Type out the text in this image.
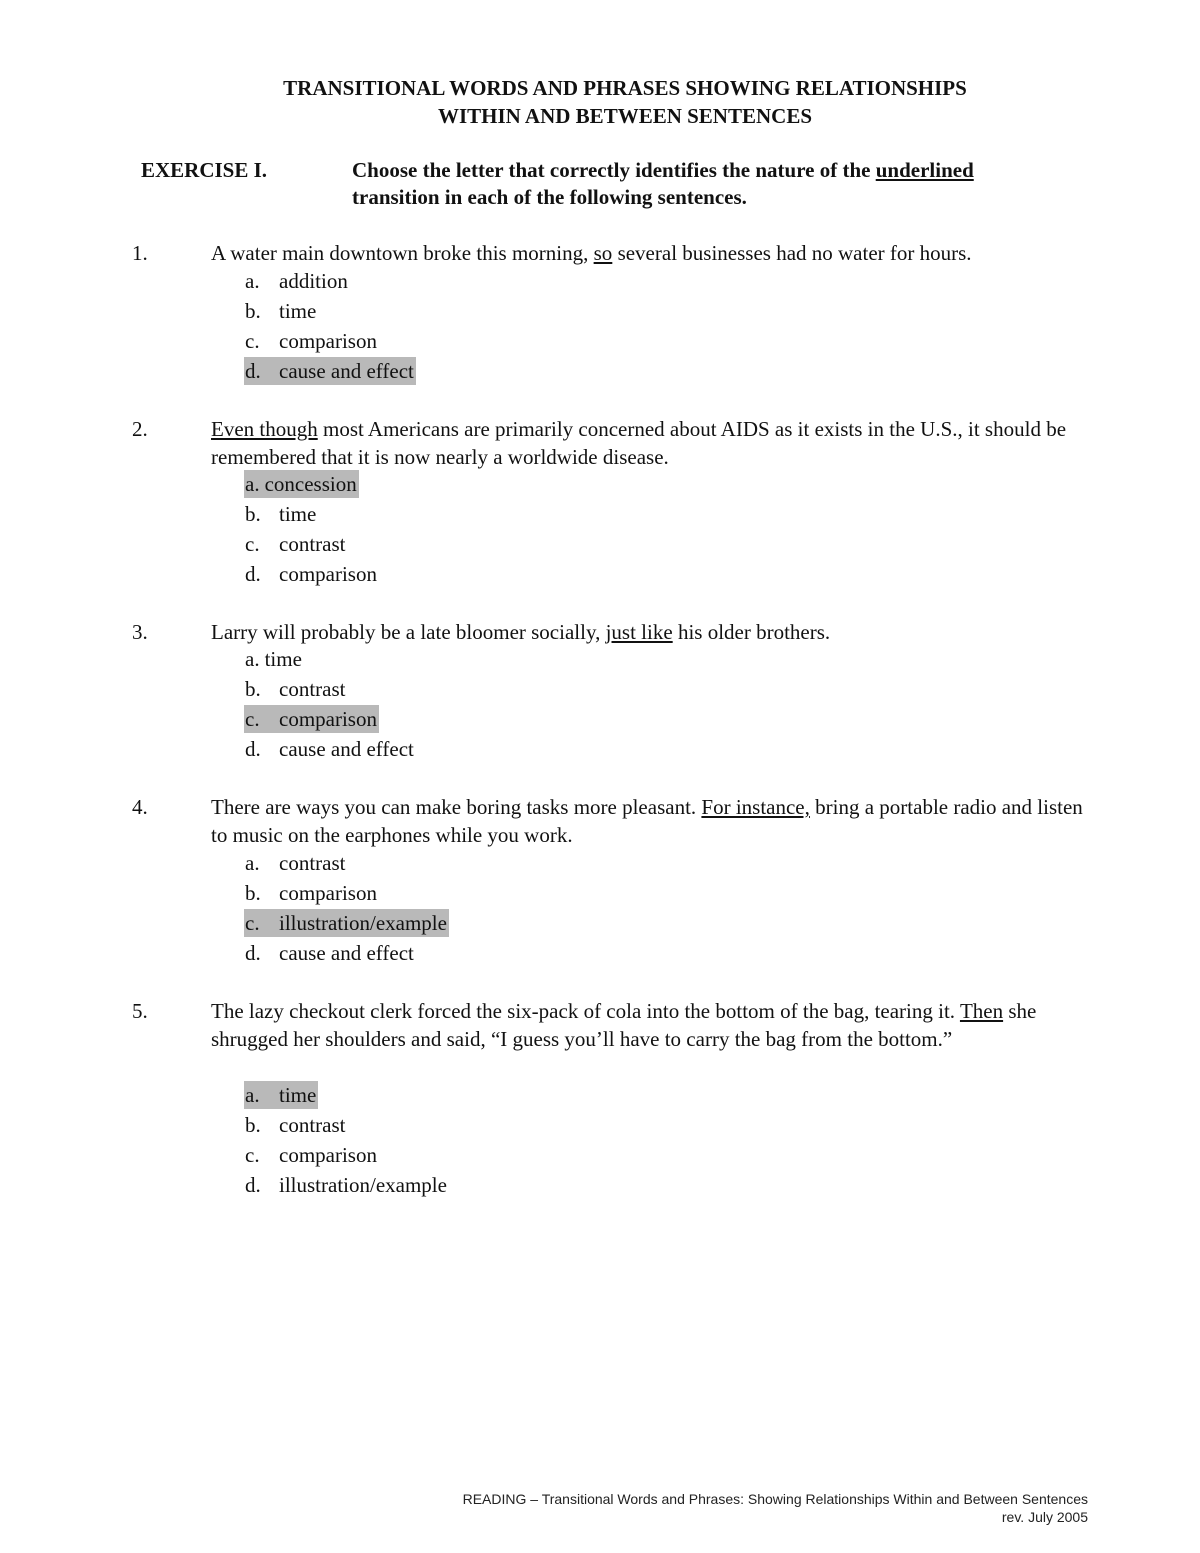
TRANSITIONAL WORDS AND PHRASES SHOWING RELATIONSHIPS
WITHIN AND BETWEEN SENTENCES
EXERCISE I.	Choose the letter that correctly identifies the nature of the underlined
transition in each of the following sentences.
1.	A water main downtown broke this morning, so several businesses had no water for hours.
a. addition
b. time
c. comparison
d. cause and effect
2.	Even though most Americans are primarily concerned about AIDS as it exists in the U.S., it should be remembered that it is now nearly a worldwide disease.
a. concession
b. time
c. contrast
d. comparison
3.	Larry will probably be a late bloomer socially, just like his older brothers.
a. time
b. contrast
c. comparison
d. cause and effect
4.	There are ways you can make boring tasks more pleasant. For instance, bring a portable radio and listen to music on the earphones while you work.
a. contrast
b. comparison
c. illustration/example
d. cause and effect
5.	The lazy checkout clerk forced the six-pack of cola into the bottom of the bag, tearing it. Then she shrugged her shoulders and said, “I guess you’ll have to carry the bag from the bottom.”
a. time
b. contrast
c. comparison
d. illustration/example
READING – Transitional Words and Phrases: Showing Relationships Within and Between Sentences
rev. July 2005
